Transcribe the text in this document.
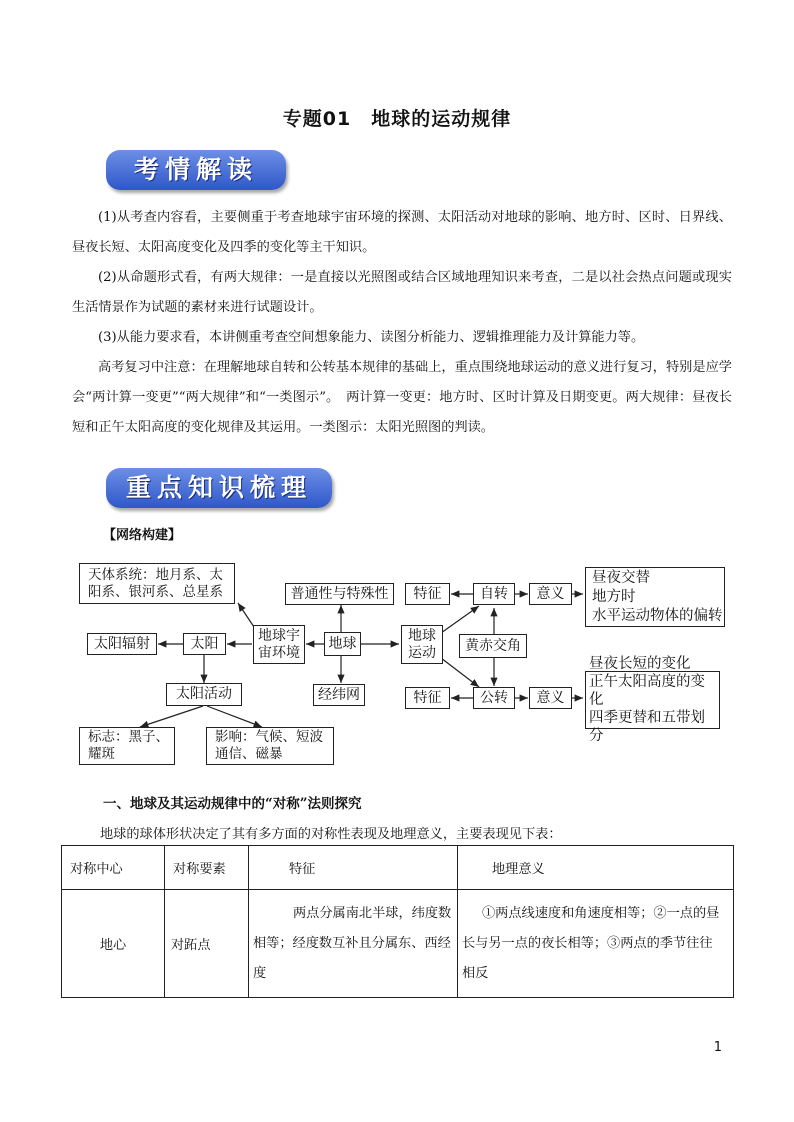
专题01　地球的运动规律
考情解读

(1)从考查内容看，主要侧重于考查地球宇宙环境的探测、太阳活动对地球的影响、地方时、区时、日界线、昼夜长短、太阳高度变化及四季的变化等主干知识。

(2)从命题形式看，有两大规律：一是直接以光照图或结合区域地理知识来考查，二是以社会热点问题或现实生活情景作为试题的素材来进行试题设计。

(3)从能力要求看，本讲侧重考查空间想象能力、读图分析能力、逻辑推理能力及计算能力等。

高考复习中注意：在理解地球自转和公转基本规律的基础上，重点围绕地球运动的意义进行复习，特别是应学会“两计算一变更”“两大规律”和“一类图示”。　两计算一变更：地方时、区时计算及日期变更。两大规律：昼夜长短和正午太阳高度的变化规律及其运用。一类图示：太阳光照图的判读。

重点知识梳理
【网络构建】
天体系统：地月系、太阳系、银河系、总星系	普通性与特殊性	特征	自转	意义
昼夜交替
地方时
水平运动物体的偏转
太阳辐射	太阳	地球宇
宙环境
地球	地球
运动	黄赤交角
太阳活动	经纬网	特征	公转	意义
昼夜长短的变化
正午太阳高度的变化
四季更替和五带划分
标志：黑子、
耀斑
影响：气候、短波
通信、磁暴
一、地球及其运动规律中的“对称”法则探究
地球的球体形状决定了其有多方面的对称性表现及地理意义，主要表现见下表：
对称中心	对称要素	特征	地理意义
地心	对跖点	两点分属南北半球，纬度数相等；经度数互补且分属东、西经度	①两点线速度和角速度相等；②一点的昼长与另一点的夜长相等；③两点的季节往往相反
1
